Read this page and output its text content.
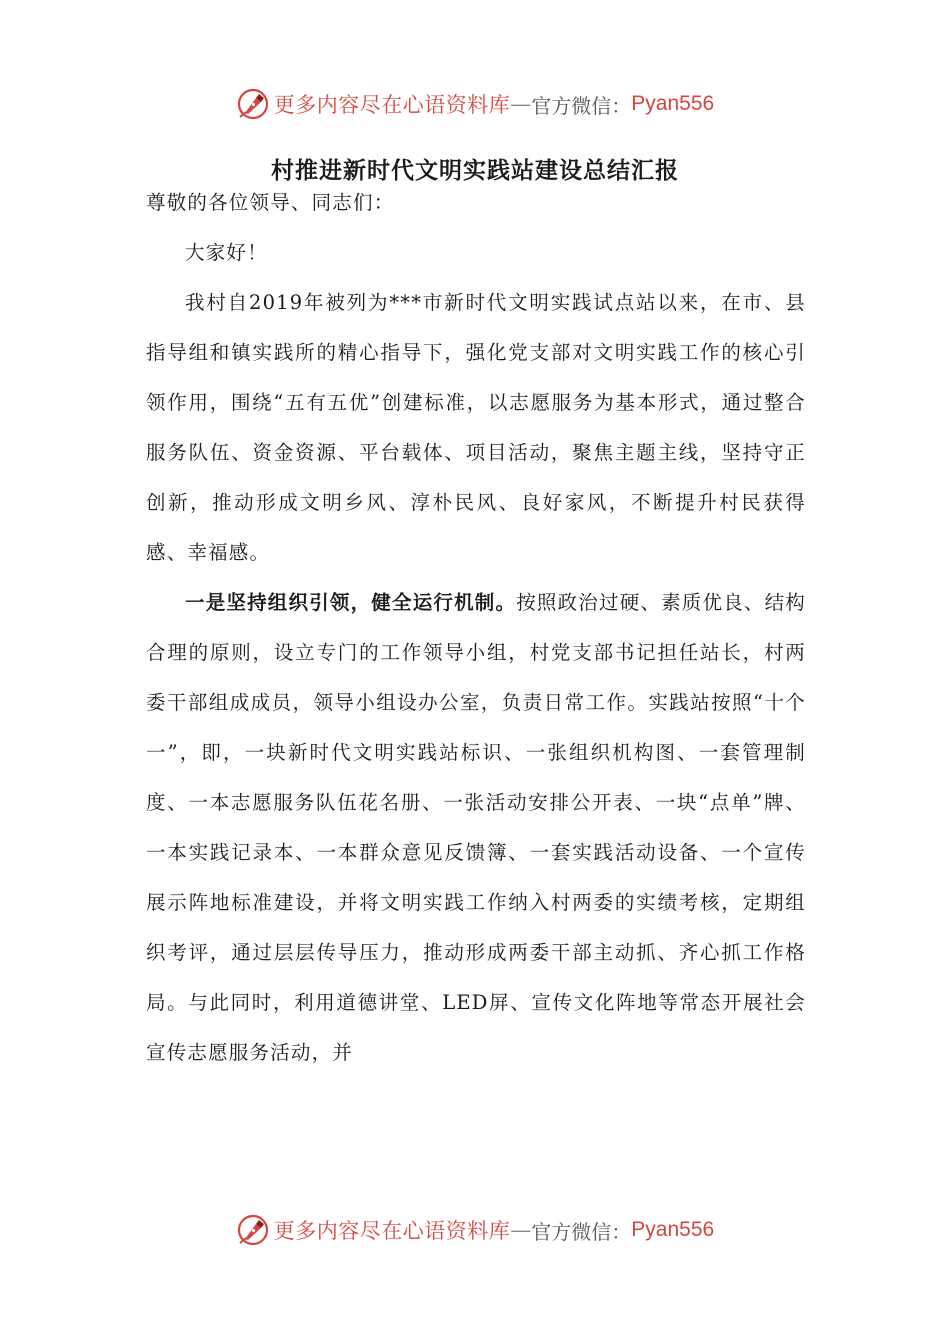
更多内容尽在心语资料库 — 官方微信： Pyan556
村推进新时代文明实践站建设总结汇报

尊敬的各位领导、同志们：

大家好！

我村自2019年被列为***市新时代文明实践试点站以来，在市、县指导组和镇实践所的精心指导下，强化党支部对文明实践工作的核心引领作用，围绕“五有五优”创建标准，以志愿服务为基本形式，通过整合服务队伍、资金资源、平台载体、项目活动，聚焦主题主线，坚持守正创新，推动形成文明乡风、淳朴民风、良好家风，不断提升村民获得感、幸福感。

一是坚持组织引领，健全运行机制。按照政治过硬、素质优良、结构合理的原则，设立专门的工作领导小组，村党支部书记担任站长，村两委干部组成成员，领导小组设办公室，负责日常工作。实践站按照“十个一”，即，一块新时代文明实践站标识、一张组织机构图、一套管理制度、一本志愿服务队伍花名册、一张活动安排公开表、一块“点单”牌、一本实践记录本、一本群众意见反馈簿、一套实践活动设备、一个宣传展示阵地标准建设，并将文明实践工作纳入村两委的实绩考核，定期组织考评，通过层层传导压力，推动形成两委干部主动抓、齐心抓工作格局。与此同时，利用道德讲堂、LED屏、宣传文化阵地等常态开展社会宣传志愿服务活动，并

更多内容尽在心语资料库 — 官方微信： Pyan556
